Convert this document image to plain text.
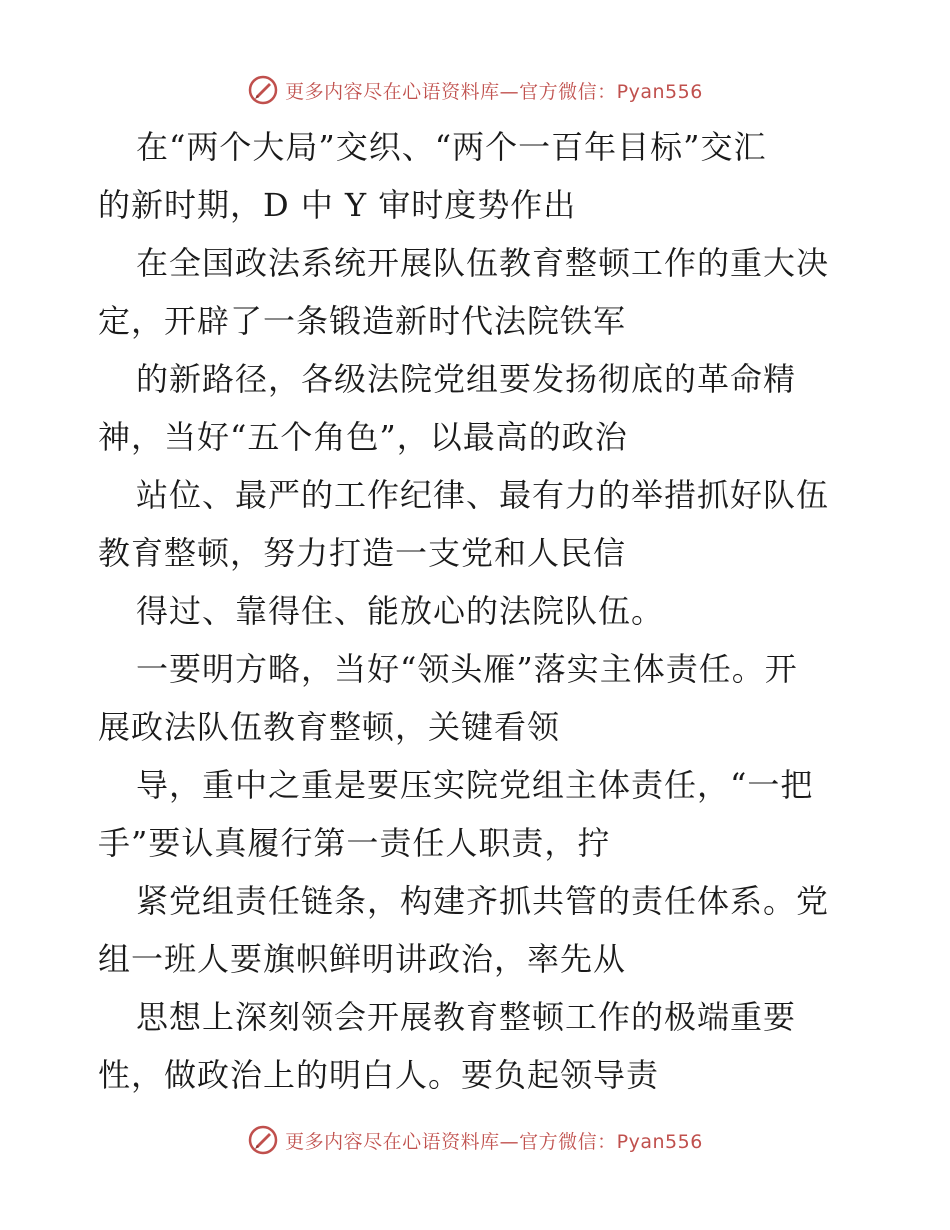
更多内容尽在心语资料库—官方微信：Pyan556
在“两个大局”交织、“两个一百年目标”交汇
的新时期，D 中 Y 审时度势作出
在全国政法系统开展队伍教育整顿工作的重大决
定，开辟了一条锻造新时代法院铁军
的新路径，各级法院党组要发扬彻底的革命精
神，当好“五个角色”，以最高的政治
站位、最严的工作纪律、最有力的举措抓好队伍
教育整顿，努力打造一支党和人民信
得过、靠得住、能放心的法院队伍。
一要明方略，当好“领头雁”落实主体责任。开
展政法队伍教育整顿，关键看领
导，重中之重是要压实院党组主体责任，“一把
手”要认真履行第一责任人职责，拧
紧党组责任链条，构建齐抓共管的责任体系。党
组一班人要旗帜鲜明讲政治，率先从
思想上深刻领会开展教育整顿工作的极端重要
性，做政治上的明白人。要负起领导责
更多内容尽在心语资料库—官方微信：Pyan556
